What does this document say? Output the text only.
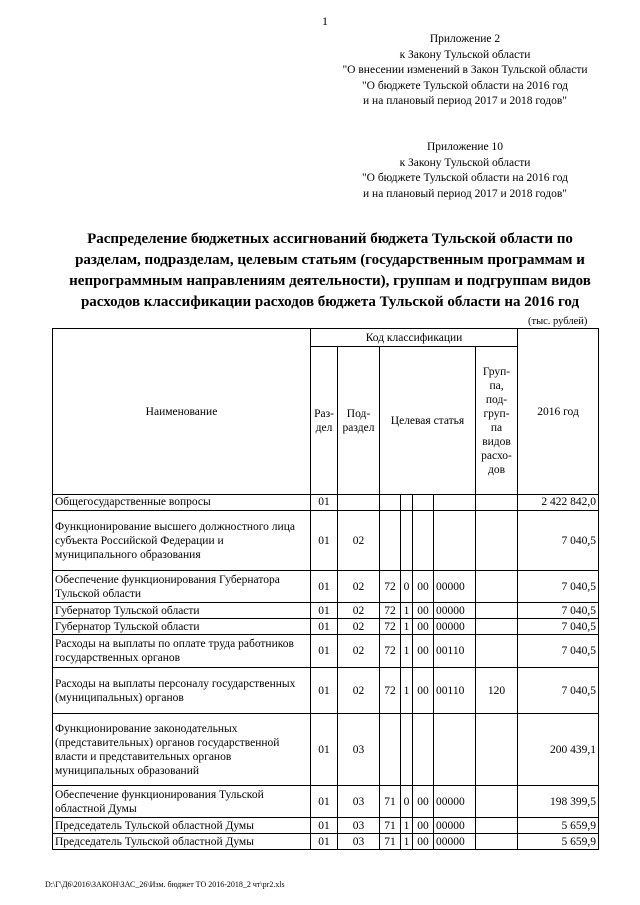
1
Приложение 2
к Закону Тульской области
"О внесении изменений в Закон Тульской области
"О бюджете Тульской области на 2016 год
и на плановый период 2017 и 2018 годов"
Приложение 10
к Закону Тульской области
"О бюджете Тульской области на 2016 год
и на плановый период 2017 и 2018 годов"
Распределение бюджетных ассигнований бюджета Тульской области по
разделам, подразделам, целевым статьям (государственным программам и
непрограммным направлениям деятельности), группам и подгруппам видов
расходов классификации расходов бюджета Тульской области на 2016 год
(тыс. рублей)
Наименование	Код классификации							2016 год
	Раз- дел	Под- раздел	Целевая статья				Груп- па, под- груп- па видов расхо- дов	
Общегосударственные вопросы	01							2 422 842,0
Функционирование высшего должностного лица субъекта Российской Федерации и муниципального образования	01	02						7 040,5
Обеспечение функционирования Губернатора Тульской области	01	02	72	0	00	00000		7 040,5
Губернатор Тульской области	01	02	72	1	00	00000		7 040,5
Губернатор Тульской области	01	02	72	1	00	00000		7 040,5
Расходы на выплаты по оплате труда работников государственных органов	01	02	72	1	00	00110		7 040,5
Расходы на выплаты персоналу государственных (муниципальных) органов	01	02	72	1	00	00110	120	7 040,5
Функционирование законодательных (представительных) органов государственной власти и представительных органов муниципальных образований	01	03						200 439,1
Обеспечение функционирования Тульской областной Думы	01	03	71	0	00	00000		198 399,5
Председатель Тульской областной Думы	01	03	71	1	00	00000		5 659,9
Председатель Тульской областной Думы	01	03	71	1	00	00000		5 659,9
D:\Г\Д6\2016\ЗАКОН\ЗАС_26\Изм. бюджет ТО 2016-2018_2 чт\pr2.xls
